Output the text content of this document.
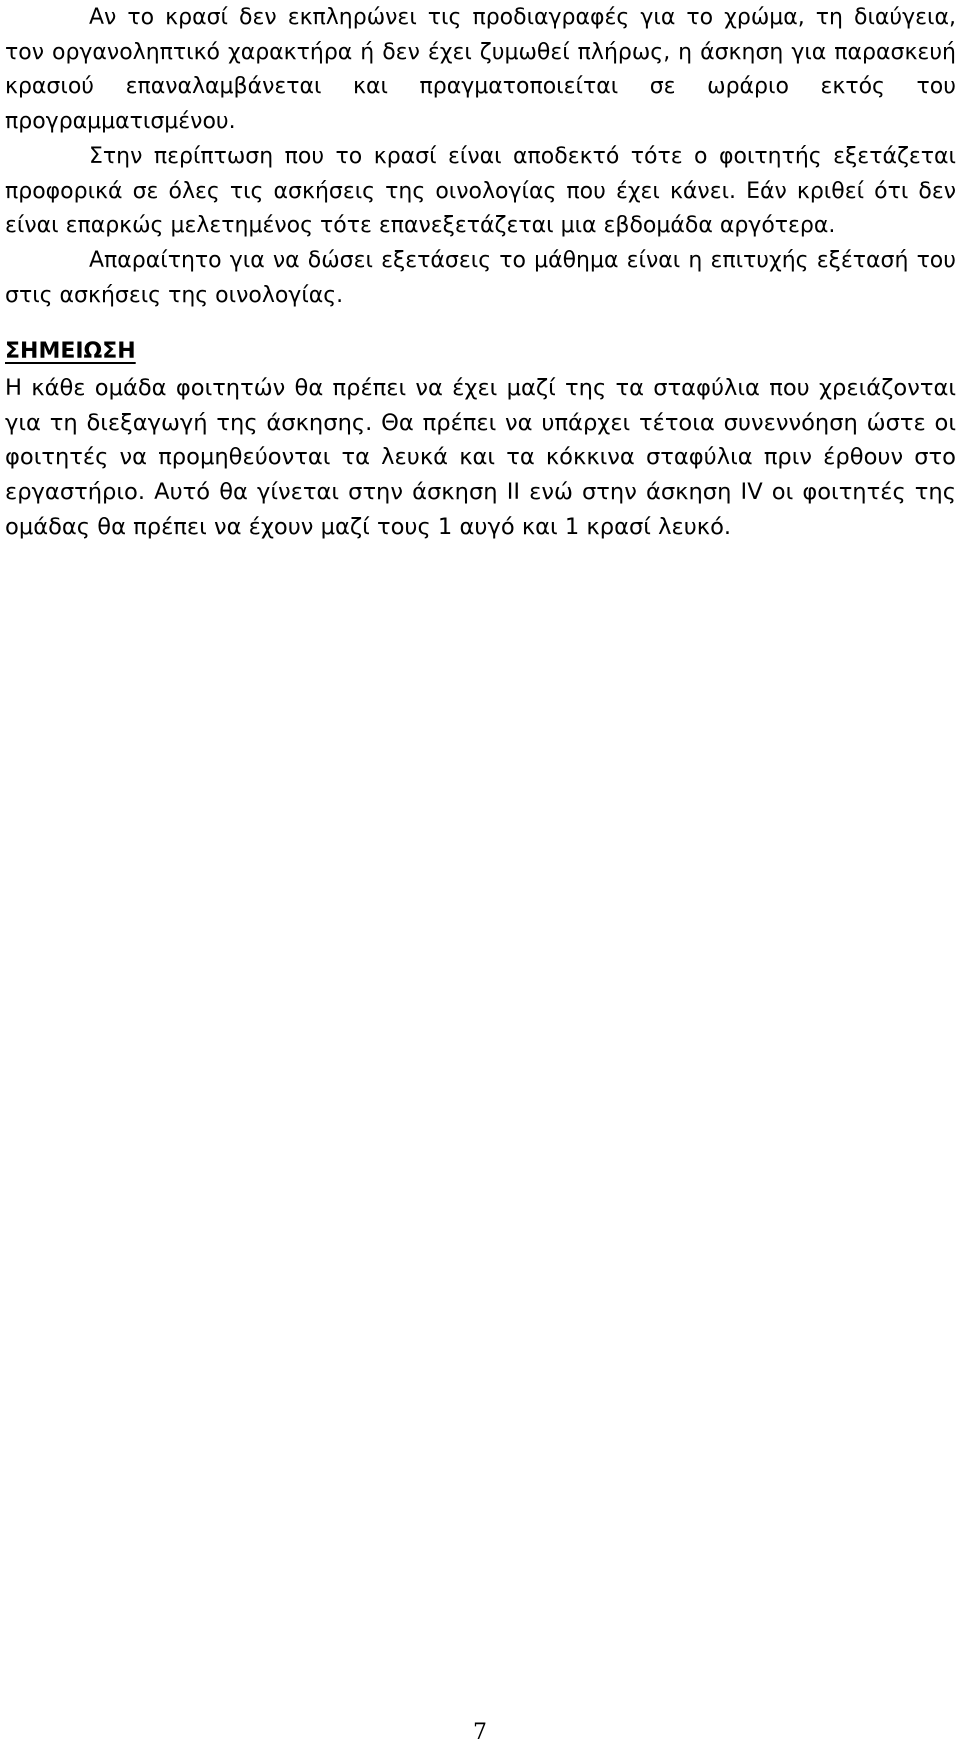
Αν το κρασί δεν εκπληρώνει τις προδιαγραφές για το χρώμα, τη διαύγεια, τον οργανοληπτικό χαρακτήρα ή δεν έχει ζυμωθεί πλήρως, η άσκηση για παρασκευή κρασιού επαναλαμβάνεται και πραγματοποιείται σε ωράριο εκτός του προγραμματισμένου.

Στην περίπτωση που το κρασί είναι αποδεκτό τότε ο φοιτητής εξετάζεται προφορικά σε όλες τις ασκήσεις της οινολογίας που έχει κάνει. Εάν κριθεί ότι δεν είναι επαρκώς μελετημένος τότε επανεξετάζεται μια εβδομάδα αργότερα.

Απαραίτητο για να δώσει εξετάσεις το μάθημα είναι η επιτυχής εξέτασή του στις ασκήσεις της οινολογίας.

ΣΗΜΕΙΩΣΗ

Η κάθε ομάδα φοιτητών θα πρέπει να έχει μαζί της τα σταφύλια που χρειάζονται για τη διεξαγωγή της άσκησης. Θα πρέπει να υπάρχει τέτοια συνεννόηση ώστε οι φοιτητές να προμηθεύονται τα λευκά και τα κόκκινα σταφύλια πριν έρθουν στο εργαστήριο. Αυτό θα γίνεται στην άσκηση ΙΙ ενώ στην άσκηση ΙV οι φοιτητές της ομάδας θα πρέπει να έχουν μαζί τους 1 αυγό και 1 κρασί λευκό.

7
